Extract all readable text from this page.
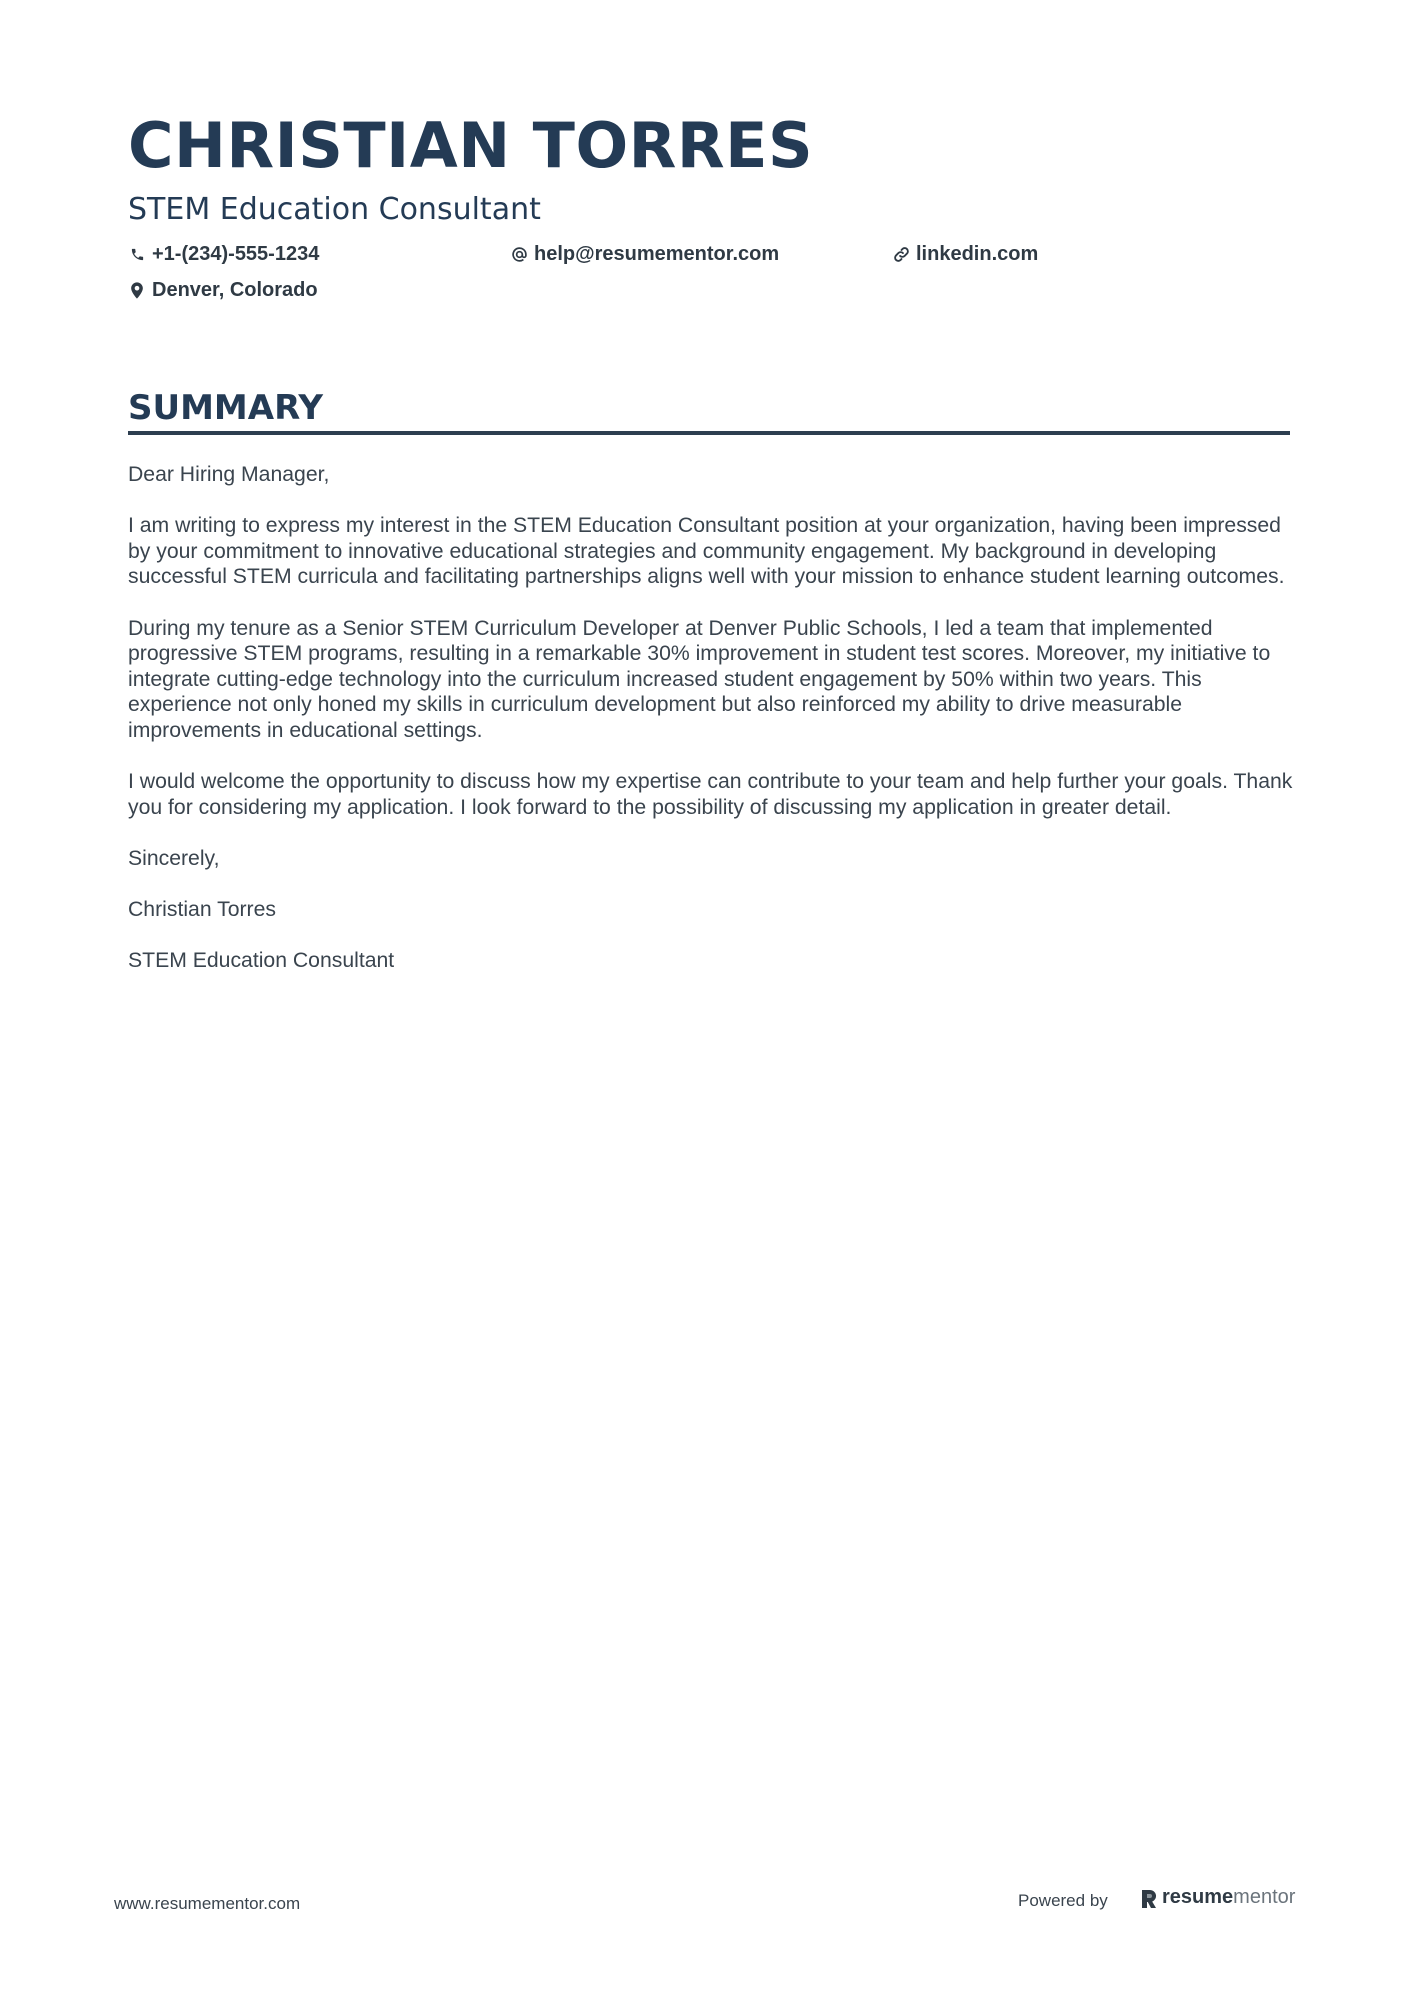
CHRISTIAN TORRES
STEM Education Consultant
+1-(234)-555-1234	help@resumementor.com	linkedin.com
Denver, Colorado
SUMMARY

Dear Hiring Manager,

I am writing to express my interest in the STEM Education Consultant position at your organization, having been impressed by your commitment to innovative educational strategies and community engagement. My background in developing successful STEM curricula and facilitating partnerships aligns well with your mission to enhance student learning outcomes.

During my tenure as a Senior STEM Curriculum Developer at Denver Public Schools, I led a team that implemented progressive STEM programs, resulting in a remarkable 30% improvement in student test scores. Moreover, my initiative to integrate cutting-edge technology into the curriculum increased student engagement by 50% within two years. This experience not only honed my skills in curriculum development but also reinforced my ability to drive measurable improvements in educational settings.

I would welcome the opportunity to discuss how my expertise can contribute to your team and help further your goals. Thank you for considering my application. I look forward to the possibility of discussing my application in greater detail.

Sincerely,

Christian Torres

STEM Education Consultant

www.resumementor.com	Powered by	resume mentor
